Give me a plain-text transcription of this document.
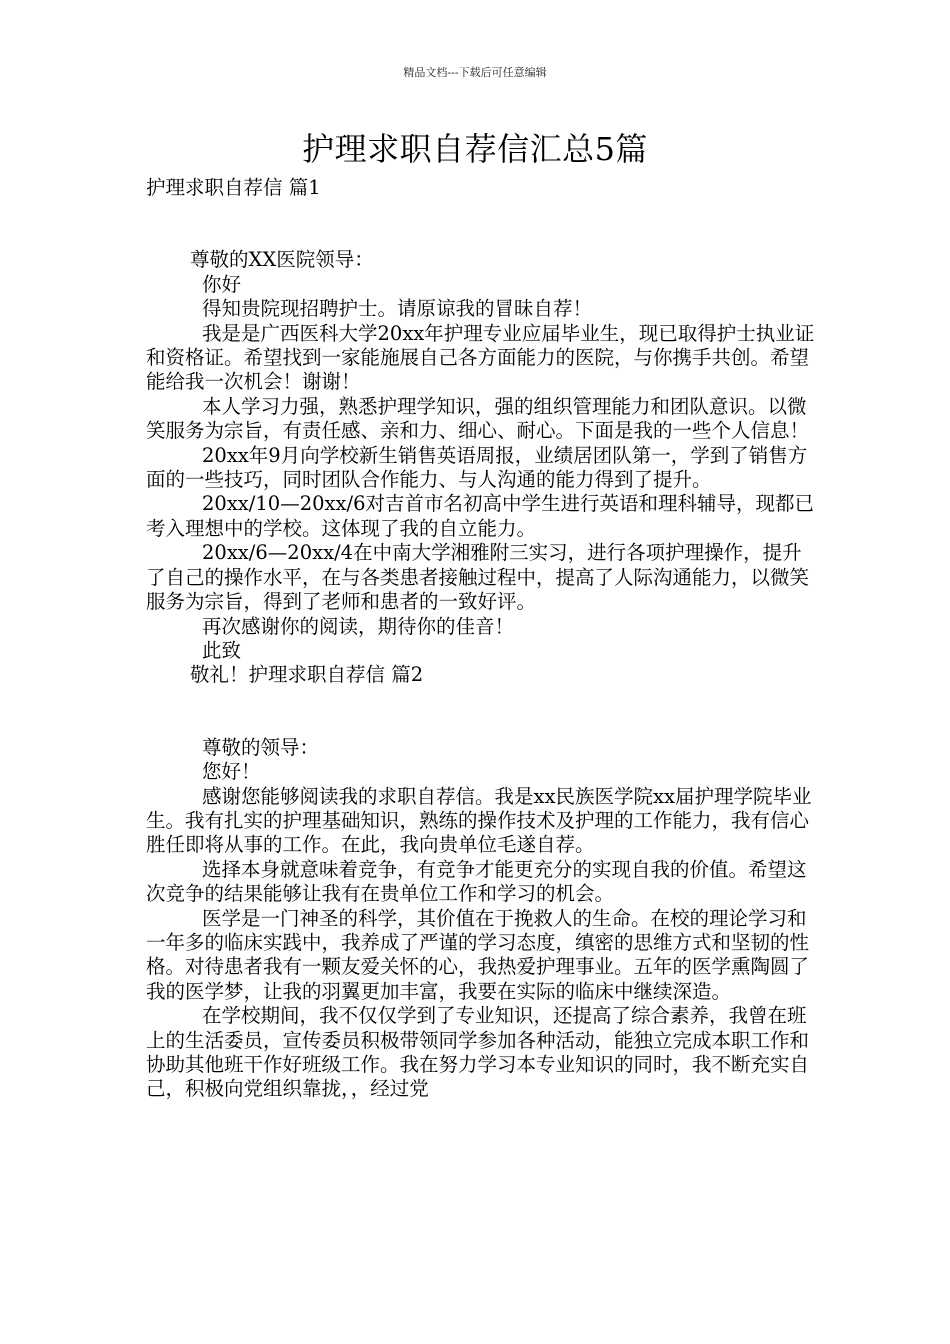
精品文档---下载后可任意编辑
护理求职自荐信汇总5篇

护理求职自荐信 篇1

尊敬的XX医院领导：

你好

得知贵院现招聘护士。请原谅我的冒昧自荐！

我是是广西医科大学20xx年护理专业应届毕业生，现已取得护士执业证和资格证。希望找到一家能施展自己各方面能力的医院，与你携手共创。希望能给我一次机会！谢谢！

本人学习力强，熟悉护理学知识，强的组织管理能力和团队意识。以微笑服务为宗旨，有责任感、亲和力、细心、耐心。下面是我的一些个人信息！

20xx年9月向学校新生销售英语周报，业绩居团队第一，学到了销售方面的一些技巧，同时团队合作能力、与人沟通的能力得到了提升。

20xx/10—20xx/6对吉首市名初高中学生进行英语和理科辅导，现都已考入理想中的学校。这体现了我的自立能力。

20xx/6—20xx/4在中南大学湘雅附三实习，进行各项护理操作，提升了自己的操作水平，在与各类患者接触过程中，提高了人际沟通能力，以微笑服务为宗旨，得到了老师和患者的一致好评。

再次感谢你的阅读，期待你的佳音！

此致

敬礼！护理求职自荐信 篇2

尊敬的领导：

您好！

感谢您能够阅读我的求职自荐信。我是xx民族医学院xx届护理学院毕业生。我有扎实的护理基础知识，熟练的操作技术及护理的工作能力，我有信心胜任即将从事的工作。在此，我向贵单位毛遂自荐。

选择本身就意味着竞争，有竞争才能更充分的实现自我的价值。希望这次竞争的结果能够让我有在贵单位工作和学习的机会。

医学是一门神圣的科学，其价值在于挽救人的生命。在校的理论学习和一年多的临床实践中，我养成了严谨的学习态度，缜密的思维方式和坚韧的性格。对待患者我有一颗友爱关怀的心，我热爱护理事业。五年的医学熏陶圆了我的医学梦，让我的羽翼更加丰富，我要在实际的临床中继续深造。

在学校期间，我不仅仅学到了专业知识，还提高了综合素养，我曾在班上的生活委员，宣传委员积极带领同学参加各种活动，能独立完成本职工作和协助其他班干作好班级工作。我在努力学习本专业知识的同时，我不断充实自己，积极向党组织靠拢，，经过党
